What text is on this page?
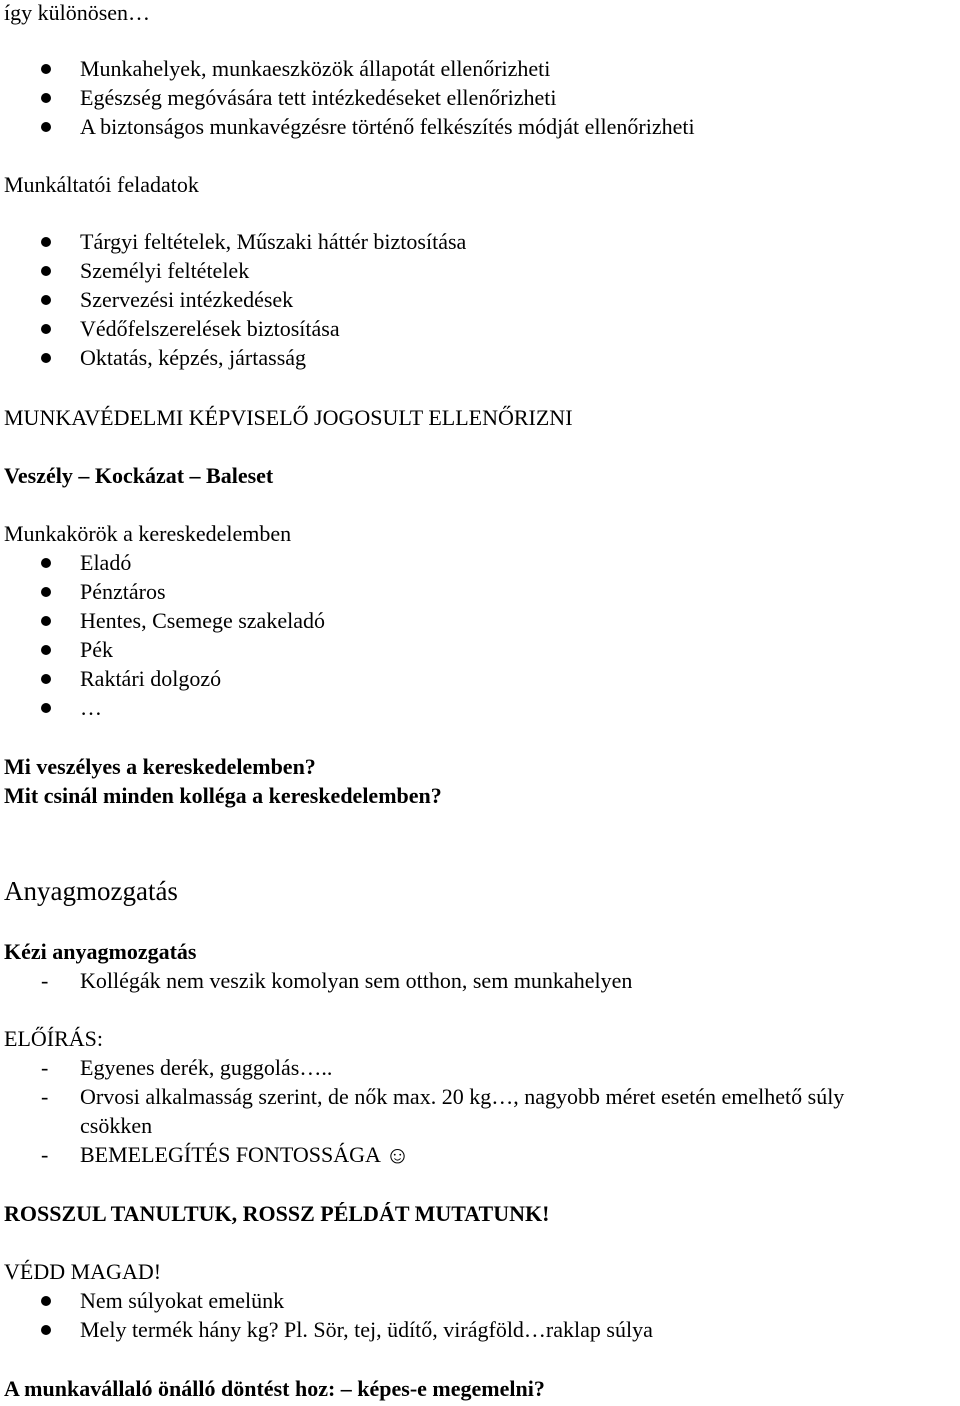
így különösen…
Munkahelyek, munkaeszközök állapotát ellenőrizheti
Egészség megóvására tett intézkedéseket ellenőrizheti
A biztonságos munkavégzésre történő felkészítés módját ellenőrizheti
Munkáltatói feladatok
Tárgyi feltételek, Műszaki háttér biztosítása
Személyi feltételek
Szervezési intézkedések
Védőfelszerelések biztosítása
Oktatás, képzés, jártasság
MUNKAVÉDELMI KÉPVISELŐ JOGOSULT ELLENŐRIZNI
Veszély – Kockázat – Baleset
Munkakörök a kereskedelemben
Eladó
Pénztáros
Hentes, Csemege szakeladó
Pék
Raktári dolgozó
…
Mi veszélyes a kereskedelemben?
Mit csinál minden kolléga a kereskedelemben?
Anyagmozgatás
Kézi anyagmozgatás
- Kollégák nem veszik komolyan sem otthon, sem munkahelyen
ELŐÍRÁS:
- Egyenes derék, guggolás…..
- Orvosi alkalmasság szerint, de nők max. 20 kg…, nagyobb méret esetén emelhető súly
csökken
- BEMELEGÍTÉS FONTOSSÁGA ☺
ROSSZUL TANULTUK, ROSSZ PÉLDÁT MUTATUNK!
VÉDD MAGAD!
Nem súlyokat emelünk
Mely termék hány kg? Pl. Sör, tej, üdítő, virágföld…raklap súlya
A munkavállaló önálló döntést hoz: – képes-e megemelni?
